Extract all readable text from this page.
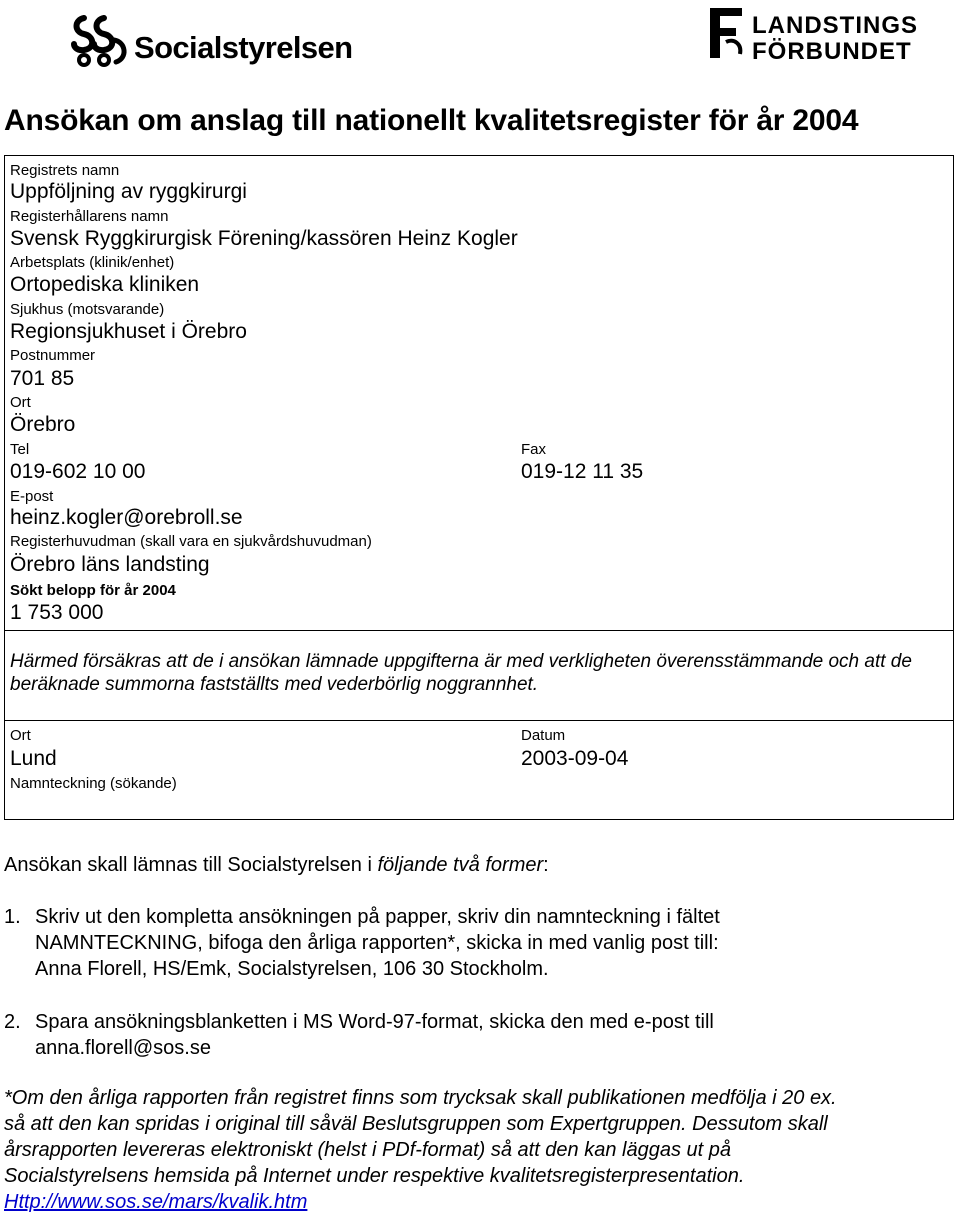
Socialstyrelsen
LANDSTINGS
FÖRBUNDET
Ansökan om anslag till nationellt kvalitetsregister för år 2004
Registrets namn
Uppföljning av ryggkirurgi
Registerhållarens namn
Svensk Ryggkirurgisk Förening/kassören Heinz Kogler
Arbetsplats (klinik/enhet)
Ortopediska kliniken
Sjukhus (motsvarande)
Regionsjukhuset i Örebro
Postnummer
701 85
Ort
Örebro
Tel
019-602 10 00
Fax
019-12 11 35
E-post
heinz.kogler@orebroll.se
Registerhuvudman (skall vara en sjukvårdshuvudman)
Örebro läns landsting
Sökt belopp för år 2004
1 753 000
Härmed försäkras att de i ansökan lämnade uppgifterna är med verkligheten överensstämmande och att de beräknade summorna fastställts med vederbörlig noggrannhet.
Ort
Lund
Datum
2003-09-04
Namnteckning (sökande)
Ansökan skall lämnas till Socialstyrelsen i följande två former:
1. Skriv ut den kompletta ansökningen på papper, skriv din namnteckning i fältet
NAMNTECKNING, bifoga den årliga rapporten*, skicka in med vanlig post till:
Anna Florell, HS/Emk, Socialstyrelsen, 106 30 Stockholm.
2. Spara ansökningsblanketten i MS Word-97-format, skicka den med e-post till
anna.florell@sos.se
*Om den årliga rapporten från registret finns som trycksak skall publikationen medfölja i 20 ex.
så att den kan spridas i original till såväl Beslutsgruppen som Expertgruppen. Dessutom skall
årsrapporten levereras elektroniskt (helst i PDf-format) så att den kan läggas ut på
Socialstyrelsens hemsida på Internet under respektive kvalitetsregisterpresentation.
Http://www.sos.se/mars/kvalik.htm
